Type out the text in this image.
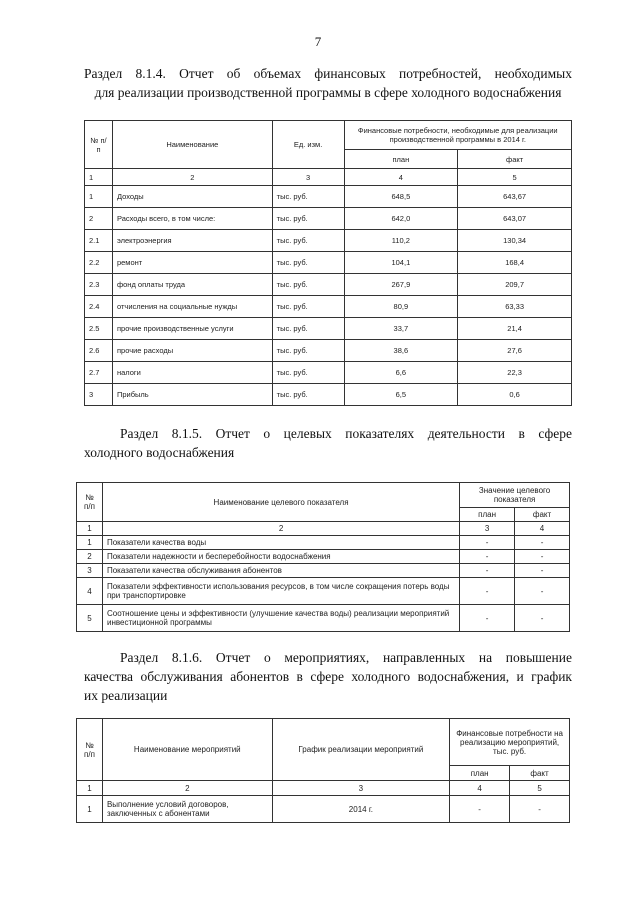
7
Раздел 8.1.4. Отчет об объемах финансовых потребностей, необходимых
для реализации производственной программы в сфере холодного водоснабжения
№ п/п	Наименование	Ед. изм.	Финансовые потребности, необходимые для реализации производственной программы в 2014 г.	
			план	факт
1	2	3	4	5
1	Доходы	тыс. руб.	648,5	643,67
2	Расходы всего, в том числе:	тыс. руб.	642,0	643,07
2.1	электроэнергия	тыс. руб.	110,2	130,34
2.2	ремонт	тыс. руб.	104,1	168,4
2.3	фонд оплаты труда	тыс. руб.	267,9	209,7
2.4	отчисления на социальные нужды	тыс. руб.	80,9	63,33
2.5	прочие производственные услуги	тыс. руб.	33,7	21,4
2.6	прочие расходы	тыс. руб.	38,6	27,6
2.7	налоги	тыс. руб.	6,6	22,3
3	Прибыль	тыс. руб.	6,5	0,6
Раздел 8.1.5. Отчет о целевых показателях деятельности в сфере
холодного водоснабжения
№ п/п	Наименование целевого показателя	Значение целевого показателя	
		план	факт
1	2	3	4
1	Показатели качества воды	-	-
2	Показатели надежности и бесперебойности водоснабжения	-	-
3	Показатели качества обслуживания абонентов	-	-
4	Показатели эффективности использования ресурсов, в том числе сокращения потерь воды при транспортировке	-	-
5	Соотношение цены и эффективности (улучшение качества воды) реализации мероприятий инвестиционной программы	-	-
Раздел 8.1.6. Отчет о мероприятиях, направленных на повышение
качества обслуживания абонентов в сфере холодного водоснабжения, и график
их реализации
№ п/п	Наименование мероприятий	График реализации мероприятий	Финансовые потребности на реализацию мероприятий, тыс. руб.	
			план	факт
1	2	3	4	5
1	Выполнение условий договоров, заключенных с абонентами	2014 г.	-	-
